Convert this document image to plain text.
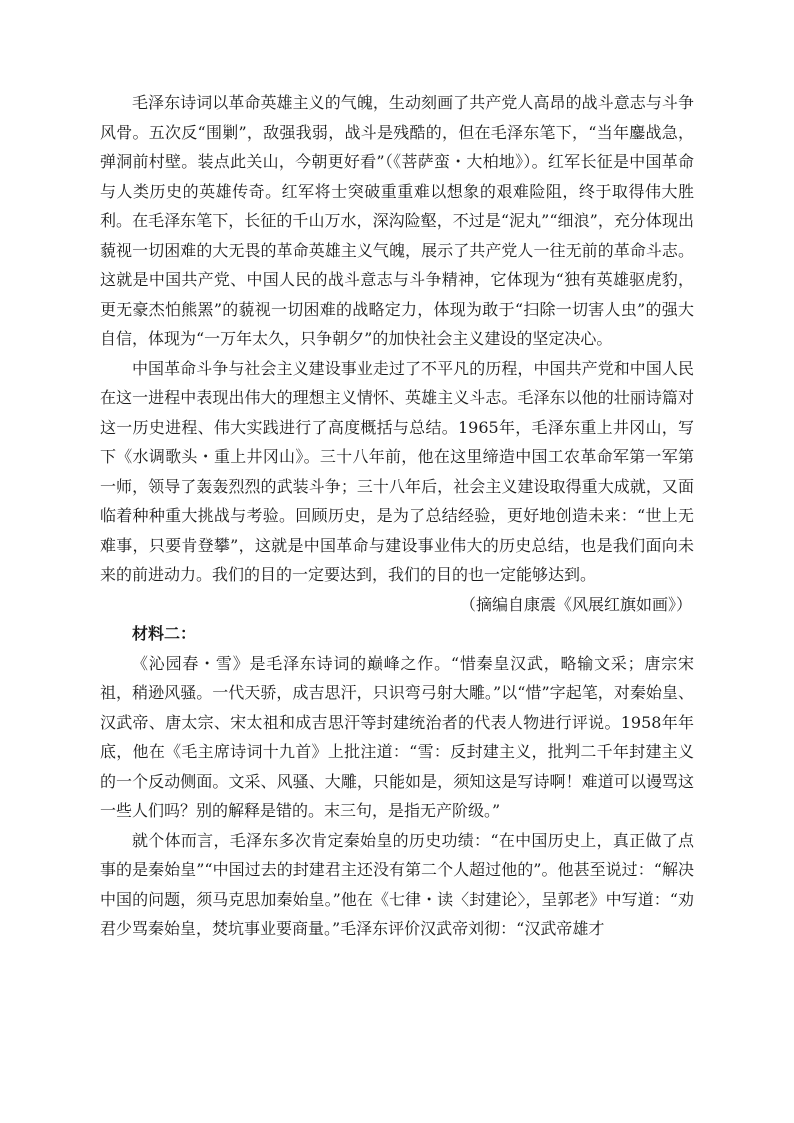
毛泽东诗词以革命英雄主义的气魄，生动刻画了共产党人高昂的战斗意志与斗争风骨。五次反“围剿”，敌强我弱，战斗是残酷的，但在毛泽东笔下，“当年鏖战急，弹洞前村壁。装点此关山，今朝更好看”（《菩萨蛮・大柏地》）。红军长征是中国革命与人类历史的英雄传奇。红军将士突破重重难以想象的艰难险阻，终于取得伟大胜利。在毛泽东笔下，长征的千山万水，深沟险壑，不过是“泥丸”“细浪”，充分体现出藐视一切困难的大无畏的革命英雄主义气魄，展示了共产党人一往无前的革命斗志。这就是中国共产党、中国人民的战斗意志与斗争精神，它体现为“独有英雄驱虎豹，更无豪杰怕熊罴”的藐视一切困难的战略定力，体现为敢于“扫除一切害人虫”的强大自信，体现为“一万年太久，只争朝夕”的加快社会主义建设的坚定决心。

中国革命斗争与社会主义建设事业走过了不平凡的历程，中国共产党和中国人民在这一进程中表现出伟大的理想主义情怀、英雄主义斗志。毛泽东以他的壮丽诗篇对这一历史进程、伟大实践进行了高度概括与总结。1965年，毛泽东重上井冈山，写下《水调歌头・重上井冈山》。三十八年前，他在这里缔造中国工农革命军第一军第一师，领导了轰轰烈烈的武装斗争；三十八年后，社会主义建设取得重大成就，又面临着种种重大挑战与考验。回顾历史，是为了总结经验，更好地创造未来：“世上无难事，只要肯登攀”，这就是中国革命与建设事业伟大的历史总结，也是我们面向未来的前进动力。我们的目的一定要达到，我们的目的也一定能够达到。

（摘编自康震《风展红旗如画》）

材料二：

《沁园春・雪》是毛泽东诗词的巅峰之作。“惜秦皇汉武，略输文采；唐宗宋祖，稍逊风骚。一代天骄，成吉思汗，只识弯弓射大雕。”以“惜”字起笔，对秦始皇、汉武帝、唐太宗、宋太祖和成吉思汗等封建统治者的代表人物进行评说。1958年年底，他在《毛主席诗词十九首》上批注道：“雪：反封建主义，批判二千年封建主义的一个反动侧面。文采、风骚、大雕，只能如是，须知这是写诗啊！难道可以谩骂这一些人们吗？别的解释是错的。末三句，是指无产阶级。”

就个体而言，毛泽东多次肯定秦始皇的历史功绩：“在中国历史上，真正做了点事的是秦始皇”“中国过去的封建君主还没有第二个人超过他的”。他甚至说过：“解决中国的问题，须马克思加秦始皇。”他在《七律・读〈封建论〉，呈郭老》中写道：“劝君少骂秦始皇，焚坑事业要商量。”毛泽东评价汉武帝刘彻：“汉武帝雄才
